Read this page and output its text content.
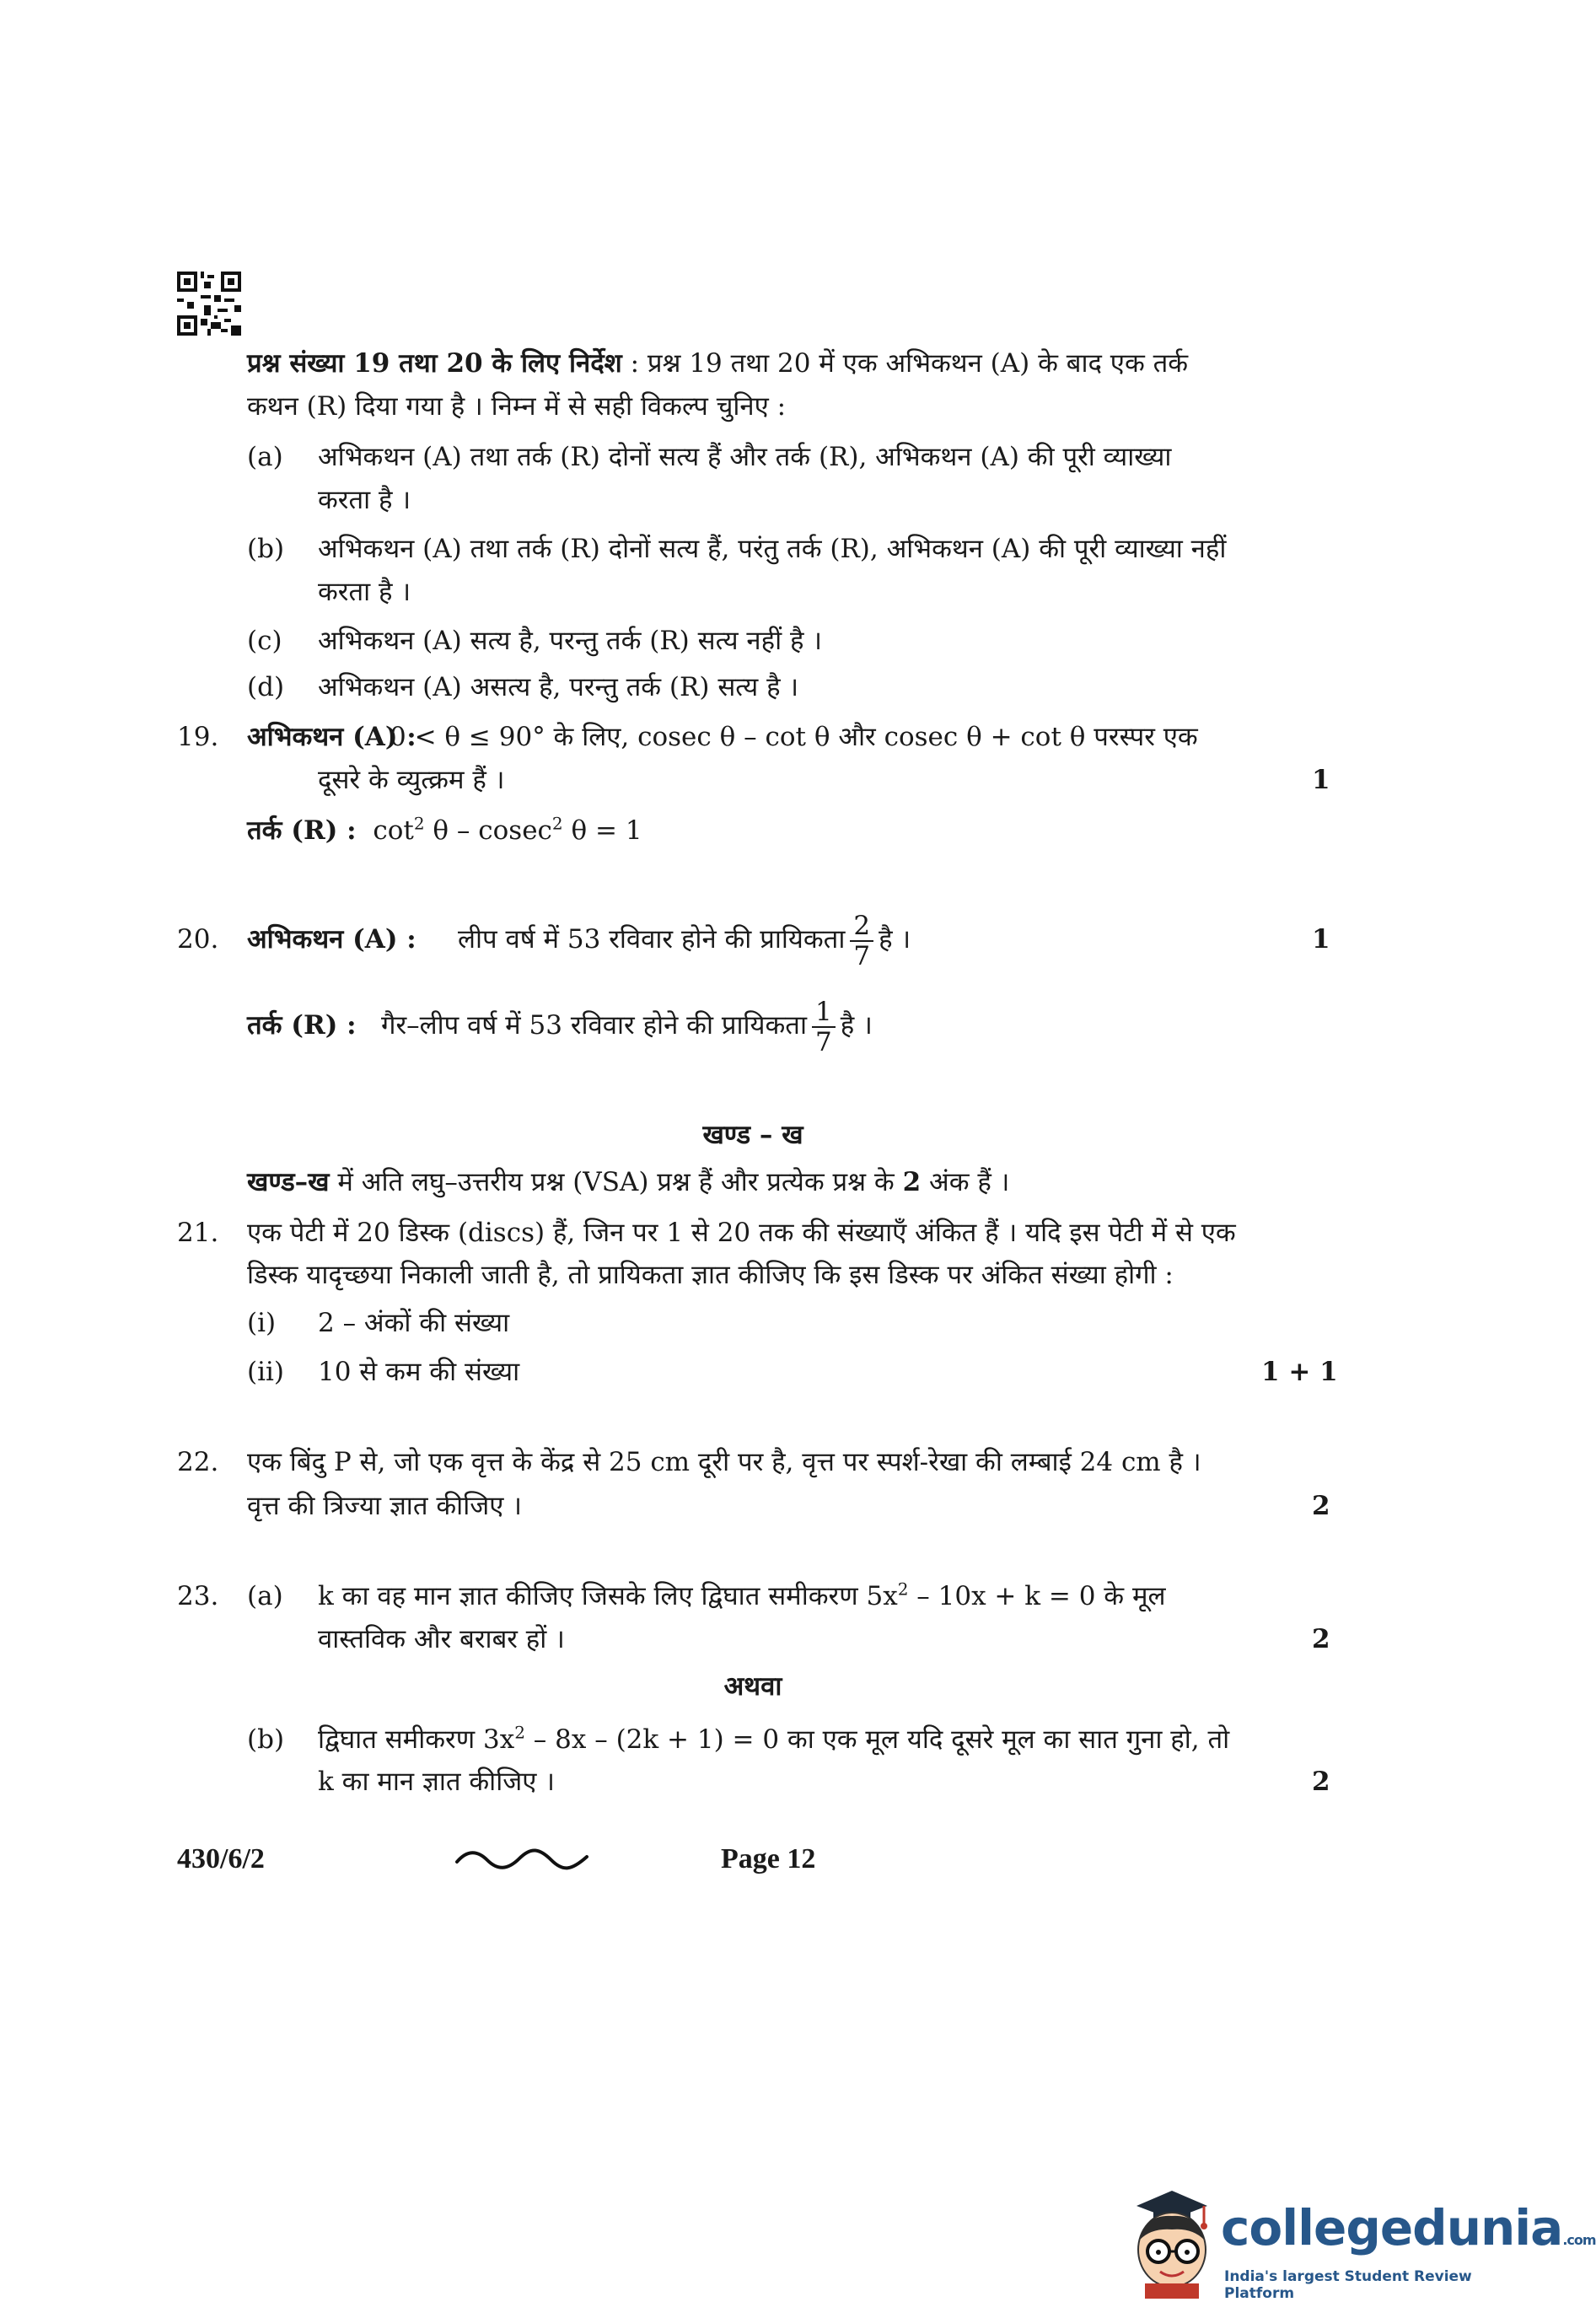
प्रश्न संख्या 19 तथा 20 के लिए निर्देश : प्रश्न 19 तथा 20 में एक अभिकथन (A) के बाद एक तर्क
कथन (R) दिया गया है । निम्न में से सही विकल्प चुनिए :
(a) अभिकथन (A) तथा तर्क (R) दोनों सत्य हैं और तर्क (R), अभिकथन (A) की पूरी व्याख्या
करता है ।
(b) अभिकथन (A) तथा तर्क (R) दोनों सत्य हैं, परंतु तर्क (R), अभिकथन (A) की पूरी व्याख्या नहीं
करता है ।
(c) अभिकथन (A) सत्य है, परन्तु तर्क (R) सत्य नहीं है ।
(d) अभिकथन (A) असत्य है, परन्तु तर्क (R) सत्य है ।
19. अभिकथन (A) :
0 < θ ≤ 90° के लिए, cosec θ – cot θ और cosec θ + cot θ परस्पर एक
दूसरे के व्युत्क्रम हैं ।	1
तर्क (R) : $\cot^2 \theta - cosec^2$ θ = 1
20. अभिकथन (A) : लीप वर्ष में 53 रविवार होने की प्रायिकता $\frac{2}{7}$ है ।	1
तर्क (R) : गैर–लीप वर्ष में 53 रविवार होने की प्रायिकता $\frac{1}{7}$ है ।
खण्ड – ख
खण्ड–ख में अति लघु–उत्तरीय प्रश्न (VSA) प्रश्न हैं और प्रत्येक प्रश्न के 2 अंक हैं ।
21. एक पेटी में 20 डिस्क (discs) हैं, जिन पर 1 से 20 तक की संख्याएँ अंकित हैं । यदि इस पेटी में से एक
डिस्क यादृच्छया निकाली जाती है, तो प्रायिकता ज्ञात कीजिए कि इस डिस्क पर अंकित संख्या होगी :
(i) 2 – अंकों की संख्या
(ii) 10 से कम की संख्या	1 + 1
22. एक बिंदु P से, जो एक वृत्त के केंद्र से 25 cm दूरी पर है, वृत्त पर स्पर्श-रेखा की लम्बाई 24 cm है ।
वृत्त की त्रिज्या ज्ञात कीजिए ।	2
23. (a) k का वह मान ज्ञात कीजिए जिसके लिए द्विघात समीकरण $5x^2 - 10x + k = 0$ के मूल
वास्तविक और बराबर हों ।	2
अथवा
(b) द्विघात समीकरण $3x^2 - 8x - (2k + 1) = 0$ का एक मूल यदि दूसरे मूल का सात गुना हो, तो
k का मान ज्ञात कीजिए ।	2
430/6/2	Page 12
collegedunia.com
India's largest Student Review Platform
